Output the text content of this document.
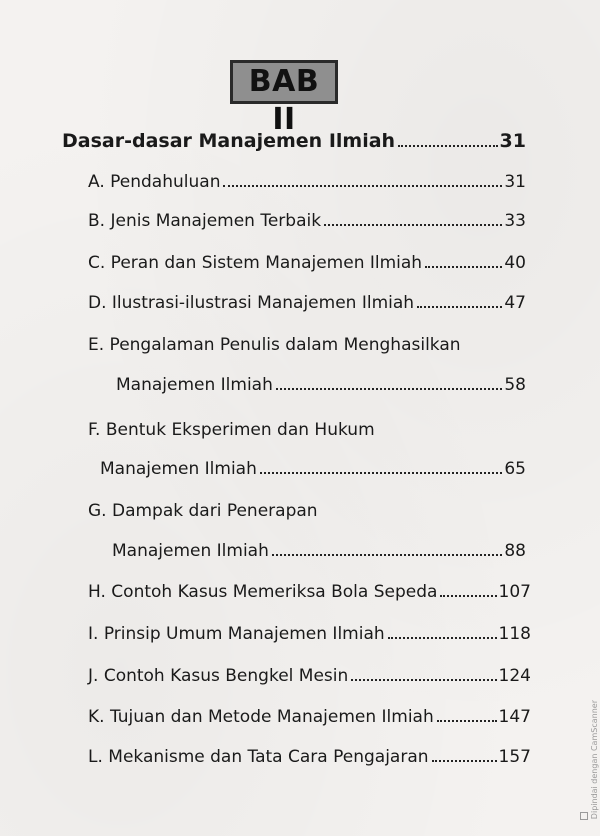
BAB II
Dasar-dasar Manajemen Ilmiah	31
A. Pendahuluan	31
B. Jenis Manajemen Terbaik	33
C. Peran dan Sistem Manajemen Ilmiah	40
D. Ilustrasi-ilustrasi Manajemen Ilmiah	47
E. Pengalaman Penulis dalam Menghasilkan
Manajemen Ilmiah	58
F. Bentuk Eksperimen dan Hukum
Manajemen Ilmiah	65
G. Dampak dari Penerapan
Manajemen Ilmiah	88
H. Contoh Kasus Memeriksa Bola Sepeda	107
I. Prinsip Umum Manajemen Ilmiah	118
J. Contoh Kasus Bengkel Mesin	124
K. Tujuan dan Metode Manajemen Ilmiah	147
L. Mekanisme dan Tata Cara Pengajaran	157	Dipindai dengan CamScanner
